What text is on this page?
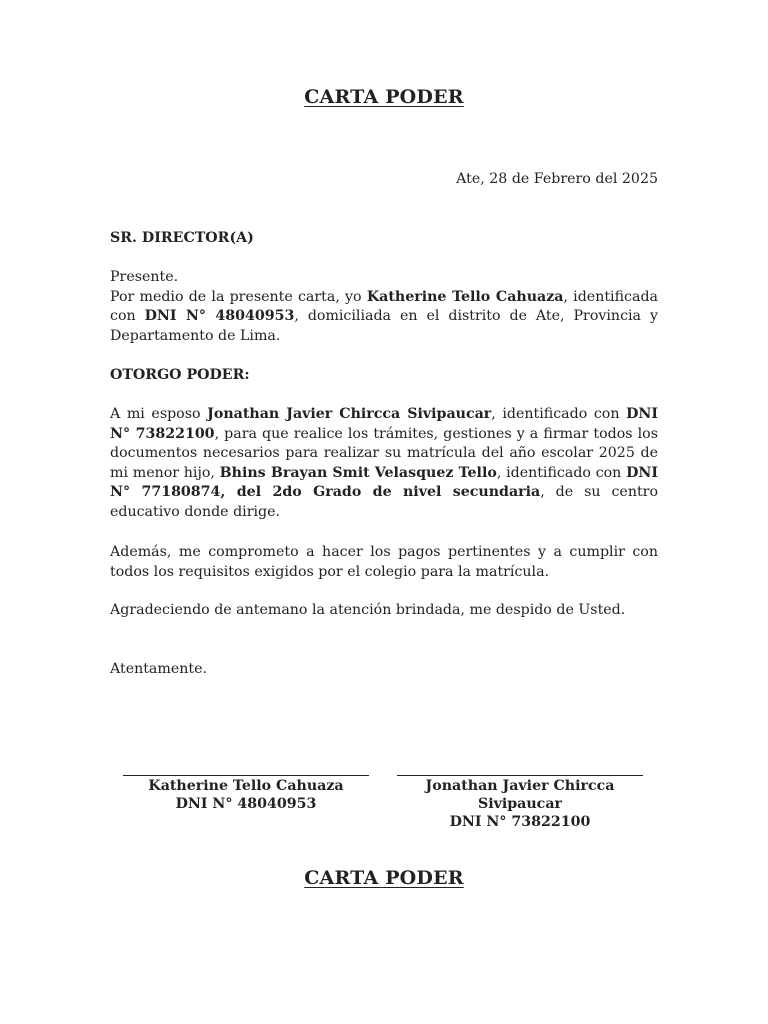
CARTA PODER

Ate, 28 de Febrero del 2025

SR. DIRECTOR(A)

Presente.

Por medio de la presente carta, yo Katherine Tello Cahuaza, identificada con DNI N° 48040953, domiciliada en el distrito de Ate, Provincia y Departamento de Lima.

OTORGO PODER:

A mi esposo Jonathan Javier Chircca Sivipaucar, identificado con DNI N° 73822100, para que realice los trámites, gestiones y a firmar todos los documentos necesarios para realizar su matrícula del año escolar 2025 de mi menor hijo, Bhins Brayan Smit Velasquez Tello, identificado con DNI N° 77180874, del 2do Grado de nivel secundaria, de su centro educativo donde dirige.

Además, me comprometo a hacer los pagos pertinentes y a cumplir con todos los requisitos exigidos por el colegio para la matrícula.

Agradeciendo de antemano la atención brindada, me despido de Usted.

Atentamente.

Katherine Tello Cahuaza
DNI N° 48040953
Jonathan Javier Chircca Sivipaucar
DNI N° 73822100
CARTA PODER
